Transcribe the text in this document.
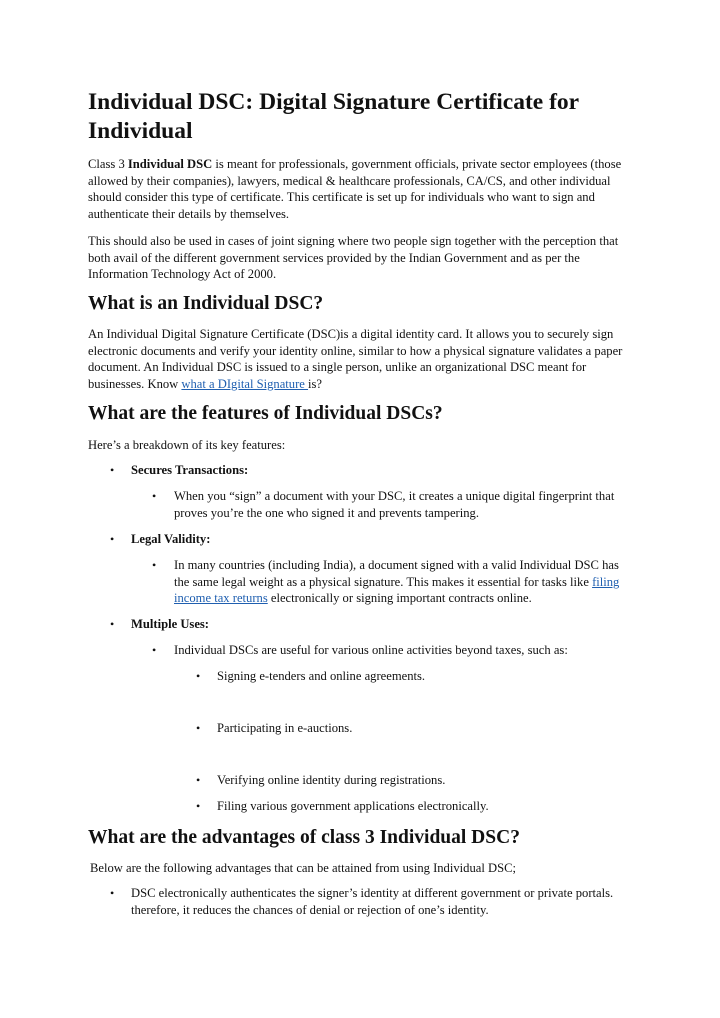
Individual DSC: Digital Signature Certificate for Individual

Class 3 Individual DSC is meant for professionals, government officials, private sector employees (those allowed by their companies), lawyers, medical & healthcare professionals, CA/CS, and other individual should consider this type of certificate. This certificate is set up for individuals who want to sign and authenticate their details by themselves.

This should also be used in cases of joint signing where two people sign together with the perception that both avail of the different government services provided by the Indian Government and as per the Information Technology Act of 2000.

What is an Individual DSC?

An Individual Digital Signature Certificate (DSC)is a digital identity card. It allows you to securely sign electronic documents and verify your identity online, similar to how a physical signature validates a paper document. An Individual DSC is issued to a single person, unlike an organizational DSC meant for businesses. Know what a DIgital Signature is?

What are the features of Individual DSCs?

Here’s a breakdown of its key features:

• Secures Transactions:
• When you “sign” a document with your DSC, it creates a unique digital fingerprint that proves you’re the one who signed it and prevents tampering.
• Legal Validity:
• In many countries (including India), a document signed with a valid Individual DSC has the same legal weight as a physical signature. This makes it essential for tasks like filing income tax returns electronically or signing important contracts online.
• Multiple Uses:
• Individual DSCs are useful for various online activities beyond taxes, such as:
• Signing e-tenders and online agreements.
• Participating in e-auctions.
• Verifying online identity during registrations.
• Filing various government applications electronically.
What are the advantages of class 3 Individual DSC?

Below are the following advantages that can be attained from using Individual DSC;

• DSC electronically authenticates the signer’s identity at different government or private portals. therefore, it reduces the chances of denial or rejection of one’s identity.
